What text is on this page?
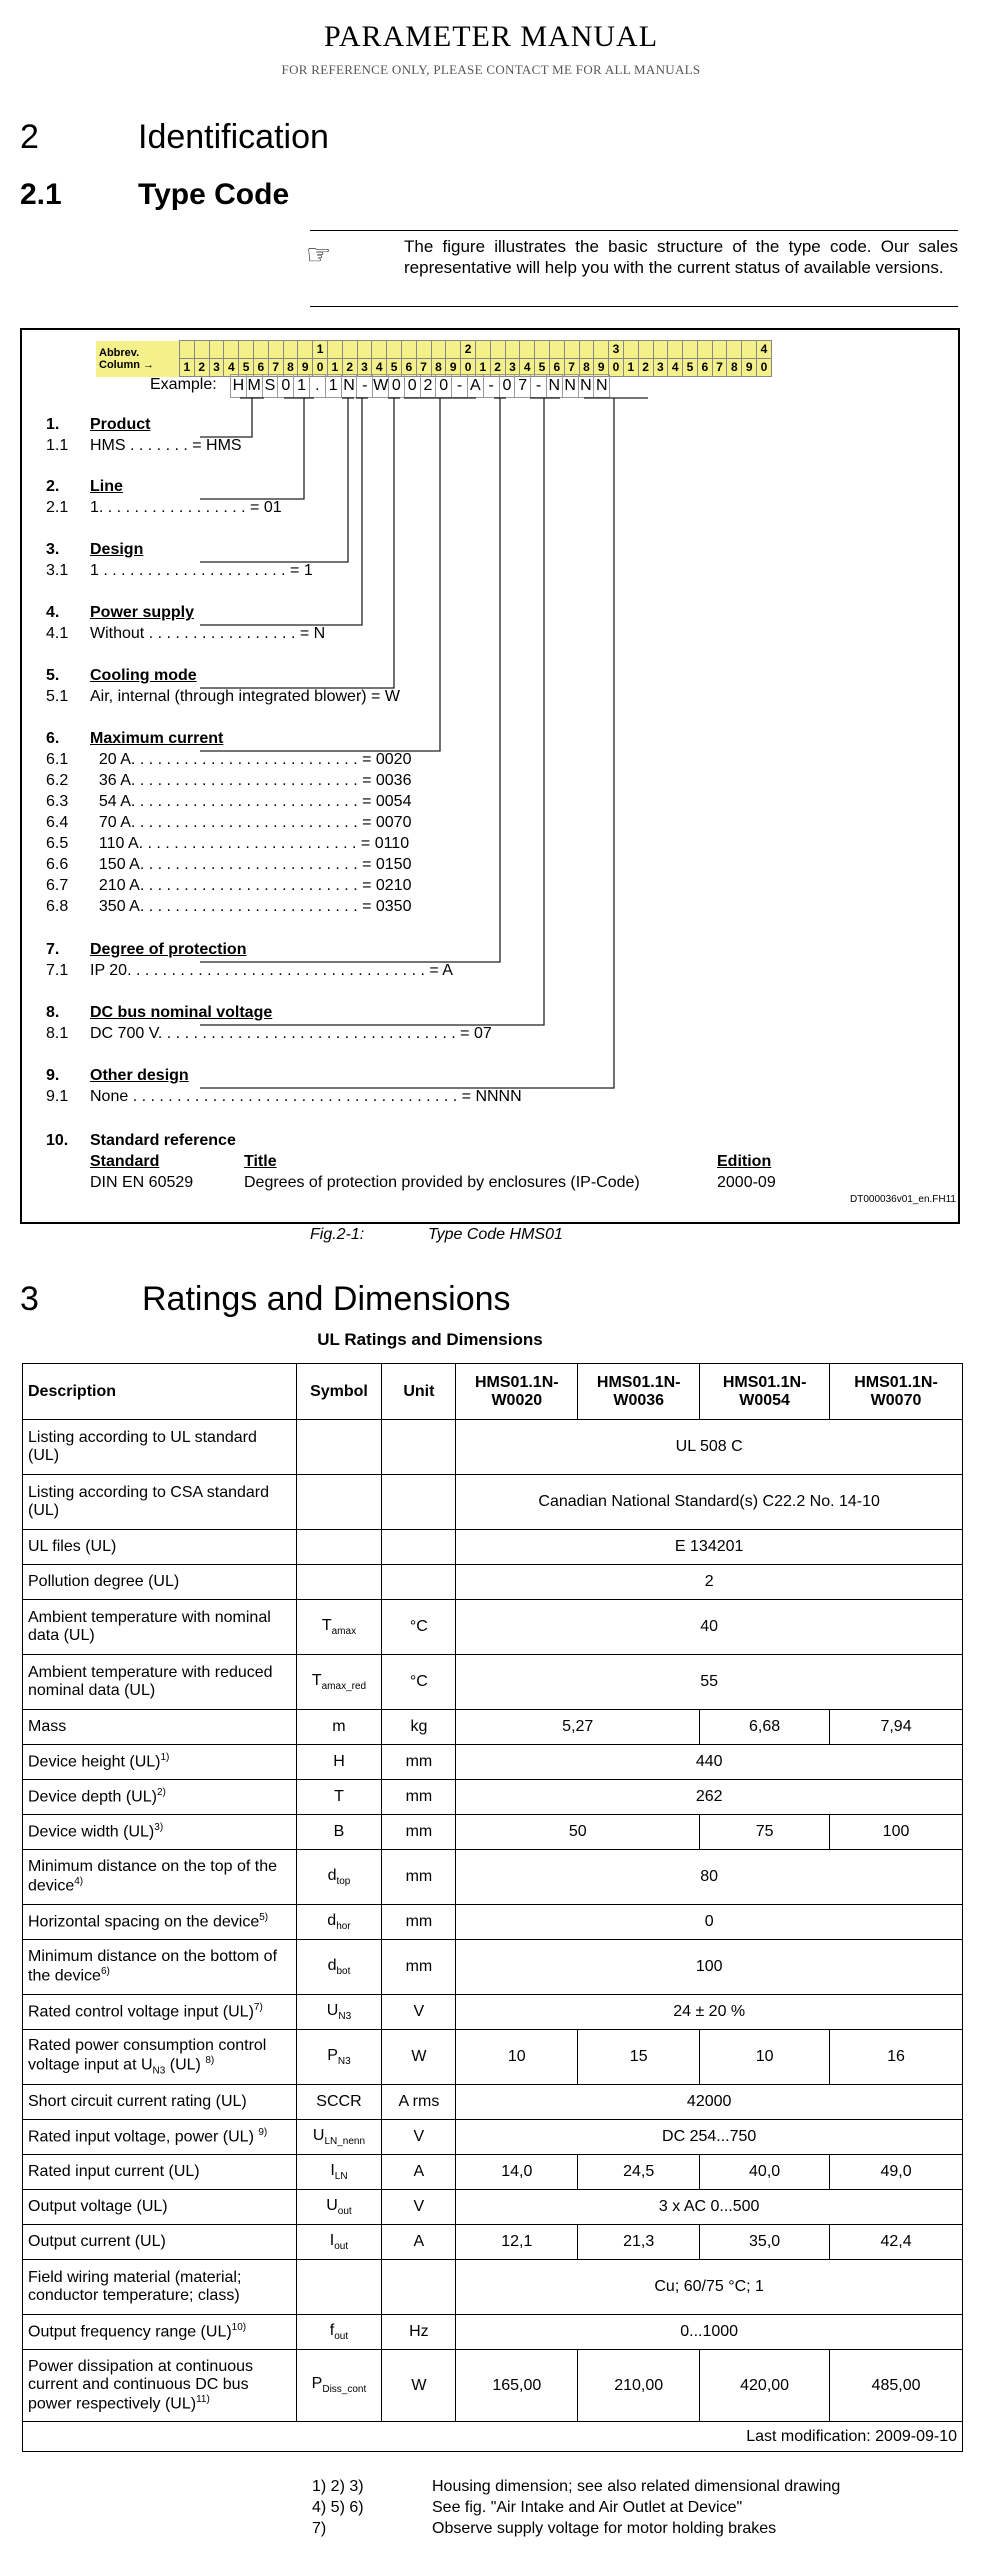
PARAMETER MANUAL
FOR REFERENCE ONLY, PLEASE CONTACT ME FOR ALL MANUALS
2	Identification
2.1	Type Code
☞	The figure illustrates the basic structure of the type code. Our sales representative will help you with the current status of available versions.
Abbrev.
Column →										1										2										3										4
	1	2	3	4	5	6	7	8	9	0	1	2	3	4	5	6	7	8	9	0	1	2	3	4	5	6	7	8	9	0	1	2	3	4	5	6	7	8	9	0
Example: H M S 0 1 . 1 N - W 0 0 2 0 - A - 0 7 - N N N N
1. Product
1.1 HMS . . . . . . . = HMS
2. Line
2.1 1. . . . . . . . . . . . . . . . . = 01
3. Design
3.1 1 . . . . . . . . . . . . . . . . . . . . . = 1
4. Power supply
4.1 Without . . . . . . . . . . . . . . . . . = N
5. Cooling mode
5.1 Air, internal (through integrated blower) = W
6. Maximum current
6.1 20 A. . . . . . . . . . . . . . . . . . . . . . . . . . = 0020
6.2 36 A. . . . . . . . . . . . . . . . . . . . . . . . . . = 0036
6.3 54 A. . . . . . . . . . . . . . . . . . . . . . . . . . = 0054
6.4 70 A. . . . . . . . . . . . . . . . . . . . . . . . . . = 0070
6.5 110 A. . . . . . . . . . . . . . . . . . . . . . . . . = 0110
6.6 150 A. . . . . . . . . . . . . . . . . . . . . . . . . = 0150
6.7 210 A. . . . . . . . . . . . . . . . . . . . . . . . . = 0210
6.8 350 A. . . . . . . . . . . . . . . . . . . . . . . . . = 0350
7. Degree of protection
7.1 IP 20. . . . . . . . . . . . . . . . . . . . . . . . . . . . . . . . . . = A
8. DC bus nominal voltage
8.1 DC 700 V. . . . . . . . . . . . . . . . . . . . . . . . . . . . . . . . . . = 07
9. Other design
9.1 None . . . . . . . . . . . . . . . . . . . . . . . . . . . . . . . . . . . . . = NNNN
10. Standard reference
Standard	Title	Edition
DIN EN 60529	Degrees of protection provided by enclosures (IP-Code)	2000-09
DT000036v01_en.FH11
Fig.2-1:	Type Code HMS01
3	Ratings and Dimensions
UL Ratings and Dimensions
Description	Symbol	Unit	HMS01.1N-W0020	HMS01.1N-W0036	HMS01.1N-W0054	HMS01.1N-W0070
Listing according to UL standard (UL)			UL 508 C			
Listing according to CSA standard (UL)			Canadian National Standard(s) C22.2 No. 14-10			
UL files (UL)			E 134201			
Pollution degree (UL)			2			
Ambient temperature with nominal data (UL)	$T_{amax}$	°C	40			
Ambient temperature with reduced nominal data (UL)	$T_{amax\_red}$	°C	55			
Mass	m	kg	5,27		6,68	7,94
Device height (UL)$^{1)}$	H	mm	440			
Device depth (UL)$^{2)}$	T	mm	262			
Device width (UL)$^{3)}$	B	mm	50		75	100
Minimum distance on the top of the device$^{4)}$	$d_{top}$	mm	80			
Horizontal spacing on the device$^{5)}$	$d_{hor}$	mm	0			
Minimum distance on the bottom of the device$^{6)}$	$d_{bot}$	mm	100			
Rated control voltage input (UL)$^{7)}$	$U_{N3}$	V	24 ± 20 %			
Rated power consumption control voltage input at $U_{N3}$ (UL) $^{8)}$	$P_{N3}$	W	10	15	10	16
Short circuit current rating (UL)	SCCR	A rms	42000			
Rated input voltage, power (UL) $^{9)}$	$U_{LN\_nenn}$	V	DC 254...750			
Rated input current (UL)	$I_{LN}$	A	14,0	24,5	40,0	49,0
Output voltage (UL)	$U_{out}$	V	3 x AC 0...500			
Output current (UL)	$I_{out}$	A	12,1	21,3	35,0	42,4
Field wiring material (material; conductor temperature; class)			Cu; 60/75 °C; 1			
Output frequency range (UL)$^{10)}$	$f_{out}$	Hz	0...1000			
Power dissipation at continuous current and continuous DC bus power respectively (UL)$^{11)}$	$P_{Diss\_cont}$	W	165,00	210,00	420,00	485,00
Last modification: 2009-09-10						
1) 2) 3)	Housing dimension; see also related dimensional drawing
4) 5) 6)	See fig. "Air Intake and Air Outlet at Device"
7)	Observe supply voltage for motor holding brakes
